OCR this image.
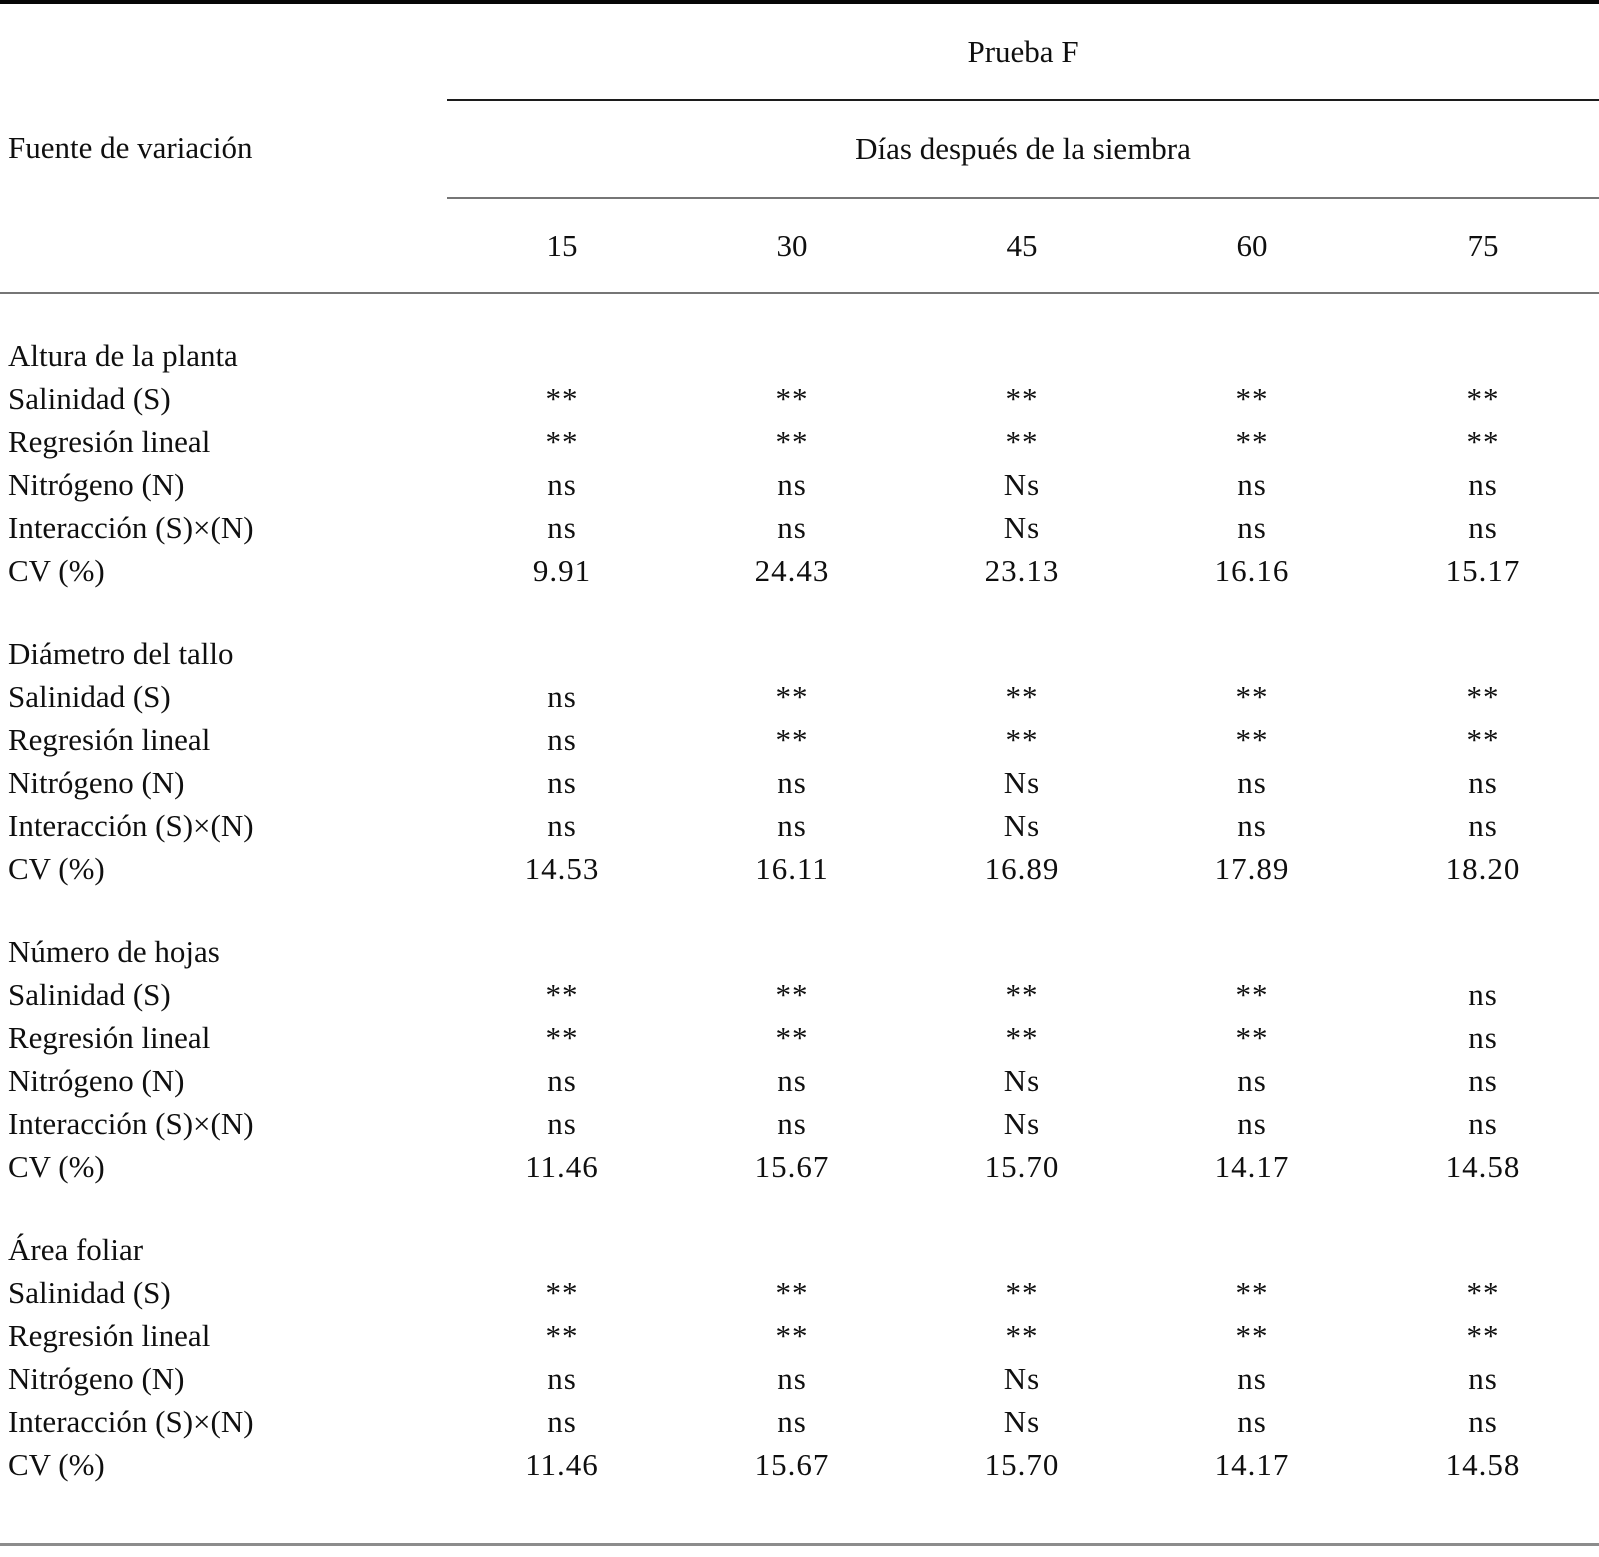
Fuente de variación	Prueba F				
	Días después de la siembra				
	15	30	45	60	75
Altura de la planta					
Salinidad (S)	**	**	**	**	**
Regresión lineal	**	**	**	**	**
Nitrógeno (N)	ns	ns	Ns	ns	ns
Interacción (S)×(N)	ns	ns	Ns	ns	ns
CV (%)	9.91	24.43	23.13	16.16	15.17
Diámetro del tallo					
Salinidad (S)	ns	**	**	**	**
Regresión lineal	ns	**	**	**	**
Nitrógeno (N)	ns	ns	Ns	ns	ns
Interacción (S)×(N)	ns	ns	Ns	ns	ns
CV (%)	14.53	16.11	16.89	17.89	18.20
Número de hojas					
Salinidad (S)	**	**	**	**	ns
Regresión lineal	**	**	**	**	ns
Nitrógeno (N)	ns	ns	Ns	ns	ns
Interacción (S)×(N)	ns	ns	Ns	ns	ns
CV (%)	11.46	15.67	15.70	14.17	14.58
Área foliar					
Salinidad (S)	**	**	**	**	**
Regresión lineal	**	**	**	**	**
Nitrógeno (N)	ns	ns	Ns	ns	ns
Interacción (S)×(N)	ns	ns	Ns	ns	ns
CV (%)	11.46	15.67	15.70	14.17	14.58
